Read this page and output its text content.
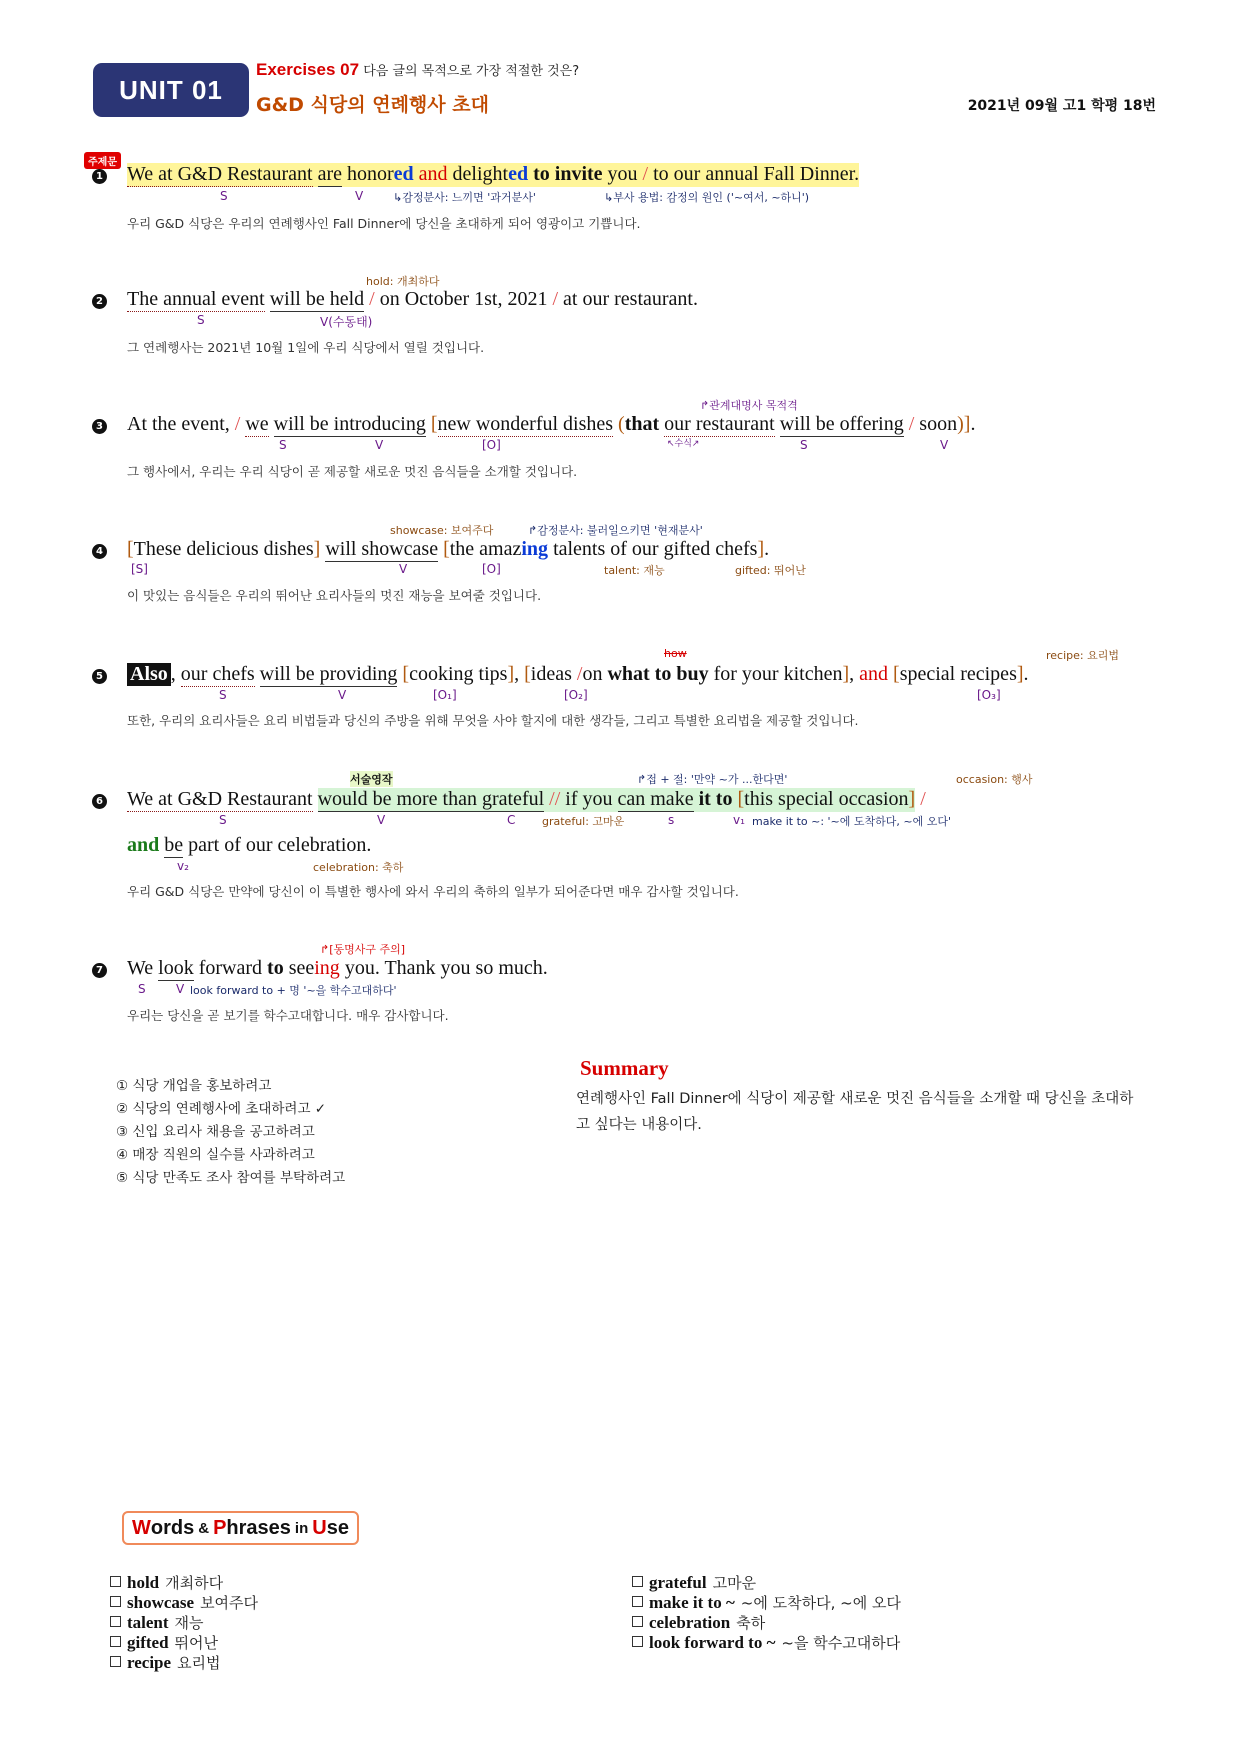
UNIT 01
Exercises 07 다음 글의 목적으로 가장 적절한 것은?
G&D 식당의 연례행사 초대	2021년 09월 고1 학평 18번
주제문
1 We at G&D Restaurant are honored and delighted to invite you / to our annual Fall Dinner.
S	V	↳감정분사: 느끼면 '과거분사'	↳부사 용법: 감정의 원인 ('~여서, ~하니')
우리 G&D 식당은 우리의 연례행사인 Fall Dinner에 당신을 초대하게 되어 영광이고 기쁩니다.
hold: 개최하다
2 The annual event will be held / on October 1st, 2021 / at our restaurant.
S	V(수동태)
그 연례행사는 2021년 10월 1일에 우리 식당에서 열릴 것입니다.
↱관계대명사 목적격
3 At the event, / we will be introducing [new wonderful dishes (that our restaurant will be offering / soon)].
S	V	[O]	S	V
↖수식↗
그 행사에서, 우리는 우리 식당이 곧 제공할 새로운 멋진 음식들을 소개할 것입니다.
showcase: 보여주다	↱감정분사: 불러일으키면 '현재분사'
4 [These delicious dishes] will showcase [the amazing talents of our gifted chefs].
[S]	V	[O]	talent: 재능	gifted: 뛰어난
이 맛있는 음식들은 우리의 뛰어난 요리사들의 멋진 재능을 보여줄 것입니다.
how	recipe: 요리법
5 Also , our chefs will be providing [cooking tips], [ideas /on what to buy for your kitchen], and [special recipes].
S	V	[O₁]	[O₂]	[O₃]
또한, 우리의 요리사들은 요리 비법들과 당신의 주방을 위해 무엇을 사야 할지에 대한 생각들, 그리고 특별한 요리법을 제공할 것입니다.
서술영작	↱접 + 절: '만약 ~가 ...한다면'	occasion: 행사
6 We at G&D Restaurant would be more than grateful // if you can make it to [this special occasion] /
S	V	C grateful: 고마운	s	v₁ make it to ~: '~에 도착하다, ~에 오다'
and be part of our celebration.
v₂	celebration: 축하
우리 G&D 식당은 만약에 당신이 이 특별한 행사에 와서 우리의 축하의 일부가 되어준다면 매우 감사할 것입니다.
↱[동명사구 주의]
7 We look forward to seeing you. Thank you so much.
S	V look forward to + 명 '~을 학수고대하다'
우리는 당신을 곧 보기를 학수고대합니다. 매우 감사합니다.
① 식당 개업을 홍보하려고
② 식당의 연례행사에 초대하려고 ✓
③ 신입 요리사 채용을 공고하려고
④ 매장 직원의 실수를 사과하려고
⑤ 식당 만족도 조사 참여를 부탁하려고
Summary
연례행사인 Fall Dinner에 식당이 제공할 새로운 멋진 음식들을 소개할 때 당신을 초대하고 싶다는 내용이다.
W ords & P hrases in U se
hold 개최하다
showcase 보여주다
talent 재능
gifted 뛰어난
recipe 요리법
grateful 고마운
make it to ~ ~에 도착하다, ~에 오다
celebration 축하
look forward to ~ ~을 학수고대하다
